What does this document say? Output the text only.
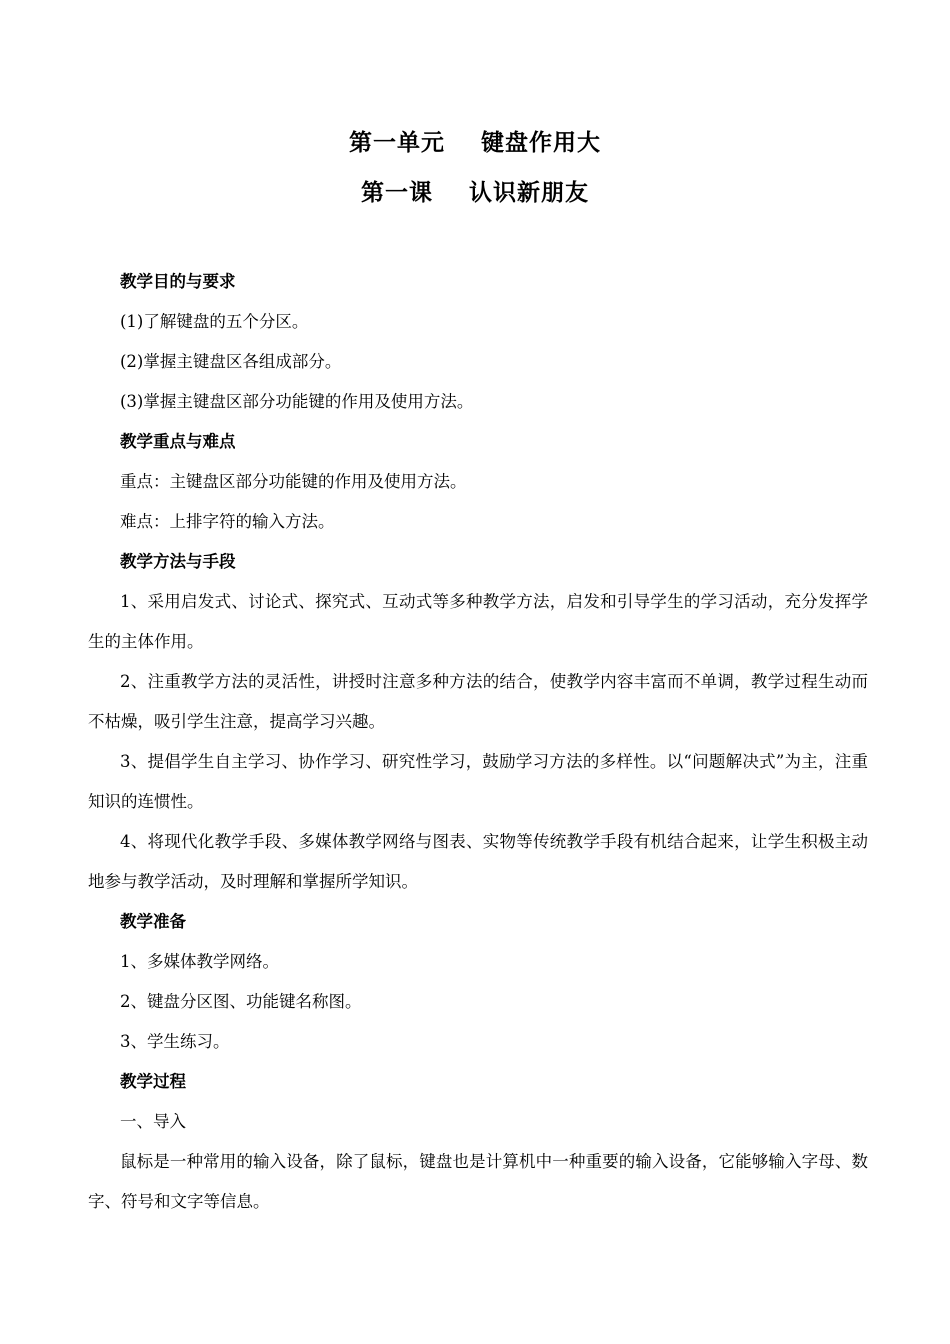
第一单元    键盘作用大
第一课    认识新朋友
教学目的与要求
(1)了解键盘的五个分区。
(2)掌握主键盘区各组成部分。
(3)掌握主键盘区部分功能键的作用及使用方法。
教学重点与难点
重点：主键盘区部分功能键的作用及使用方法。
难点：上排字符的输入方法。
教学方法与手段
1、采用启发式、讨论式、探究式、互动式等多种教学方法，启发和引导学生的学习活动，充分发挥学生的主体作用。
2、注重教学方法的灵活性，讲授时注意多种方法的结合，使教学内容丰富而不单调，教学过程生动而不枯燥，吸引学生注意，提高学习兴趣。
3、提倡学生自主学习、协作学习、研究性学习，鼓励学习方法的多样性。以“问题解决式”为主，注重知识的连惯性。
4、将现代化教学手段、多媒体教学网络与图表、实物等传统教学手段有机结合起来，让学生积极主动地参与教学活动，及时理解和掌握所学知识。
教学准备
1、多媒体教学网络。
2、键盘分区图、功能键名称图。
3、学生练习。
教学过程
一、导入
鼠标是一种常用的输入设备，除了鼠标，键盘也是计算机中一种重要的输入设备，它能够输入字母、数字、符号和文字等信息。
